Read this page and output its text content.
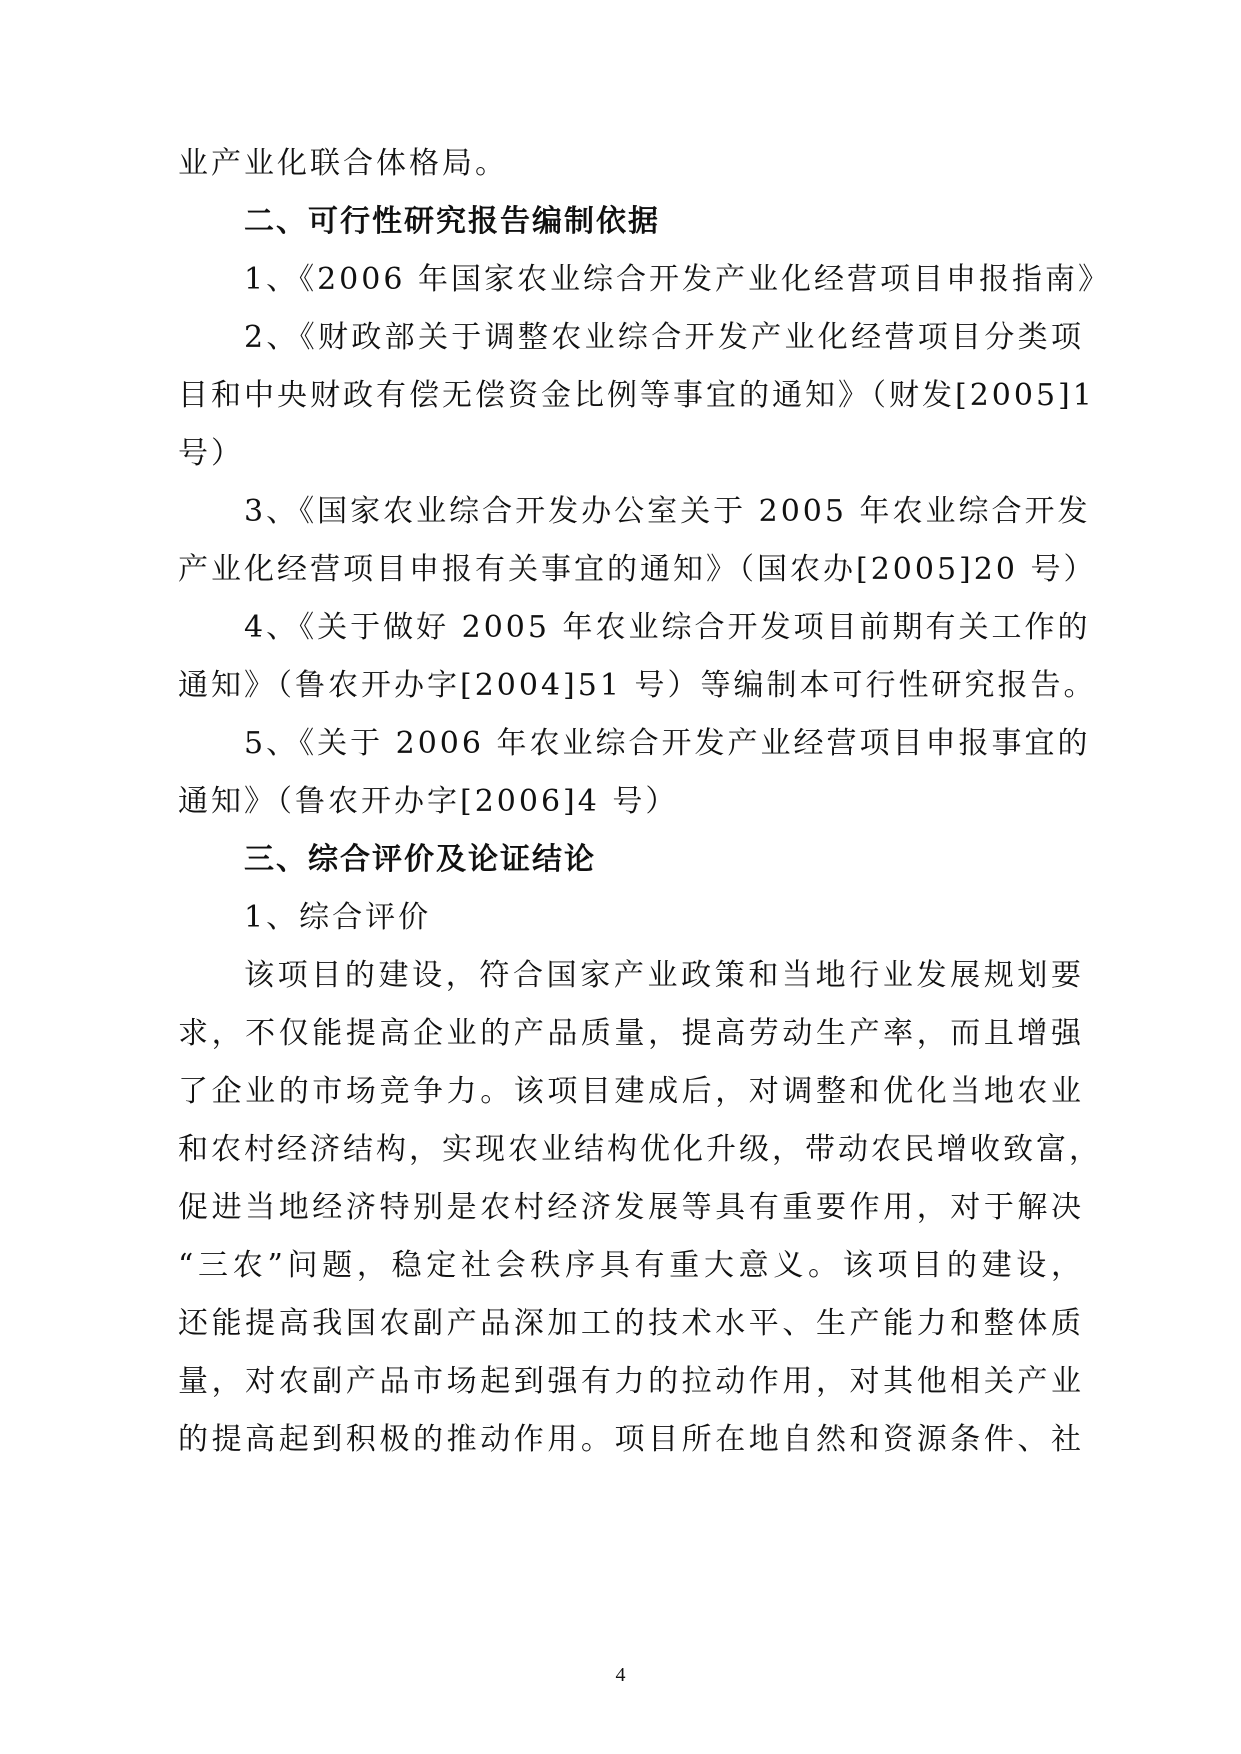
业产业化联合体格局。
二、可行性研究报告编制依据
1、《2006 年国家农业综合开发产业化经营项目申报指南》
2、《财政部关于调整农业综合开发产业化经营项目分类项
目和中央财政有偿无偿资金比例等事宜的通知》（财发[2005]1
号）
3、《国家农业综合开发办公室关于 2005 年农业综合开发
产业化经营项目申报有关事宜的通知》（国农办[2005]20 号）
4、《关于做好 2005 年农业综合开发项目前期有关工作的
通知》（鲁农开办字[2004]51 号）等编制本可行性研究报告。
5、《关于 2006 年农业综合开发产业经营项目申报事宜的
通知》（鲁农开办字[2006]4 号）
三、综合评价及论证结论
1、综合评价
该项目的建设，符合国家产业政策和当地行业发展规划要
求，不仅能提高企业的产品质量，提高劳动生产率，而且增强
了企业的市场竞争力。该项目建成后，对调整和优化当地农业
和农村经济结构，实现农业结构优化升级，带动农民增收致富，
促进当地经济特别是农村经济发展等具有重要作用，对于解决
“三农”问题，稳定社会秩序具有重大意义。该项目的建设，
还能提高我国农副产品深加工的技术水平、生产能力和整体质
量，对农副产品市场起到强有力的拉动作用，对其他相关产业
的提高起到积极的推动作用。项目所在地自然和资源条件、社
4
